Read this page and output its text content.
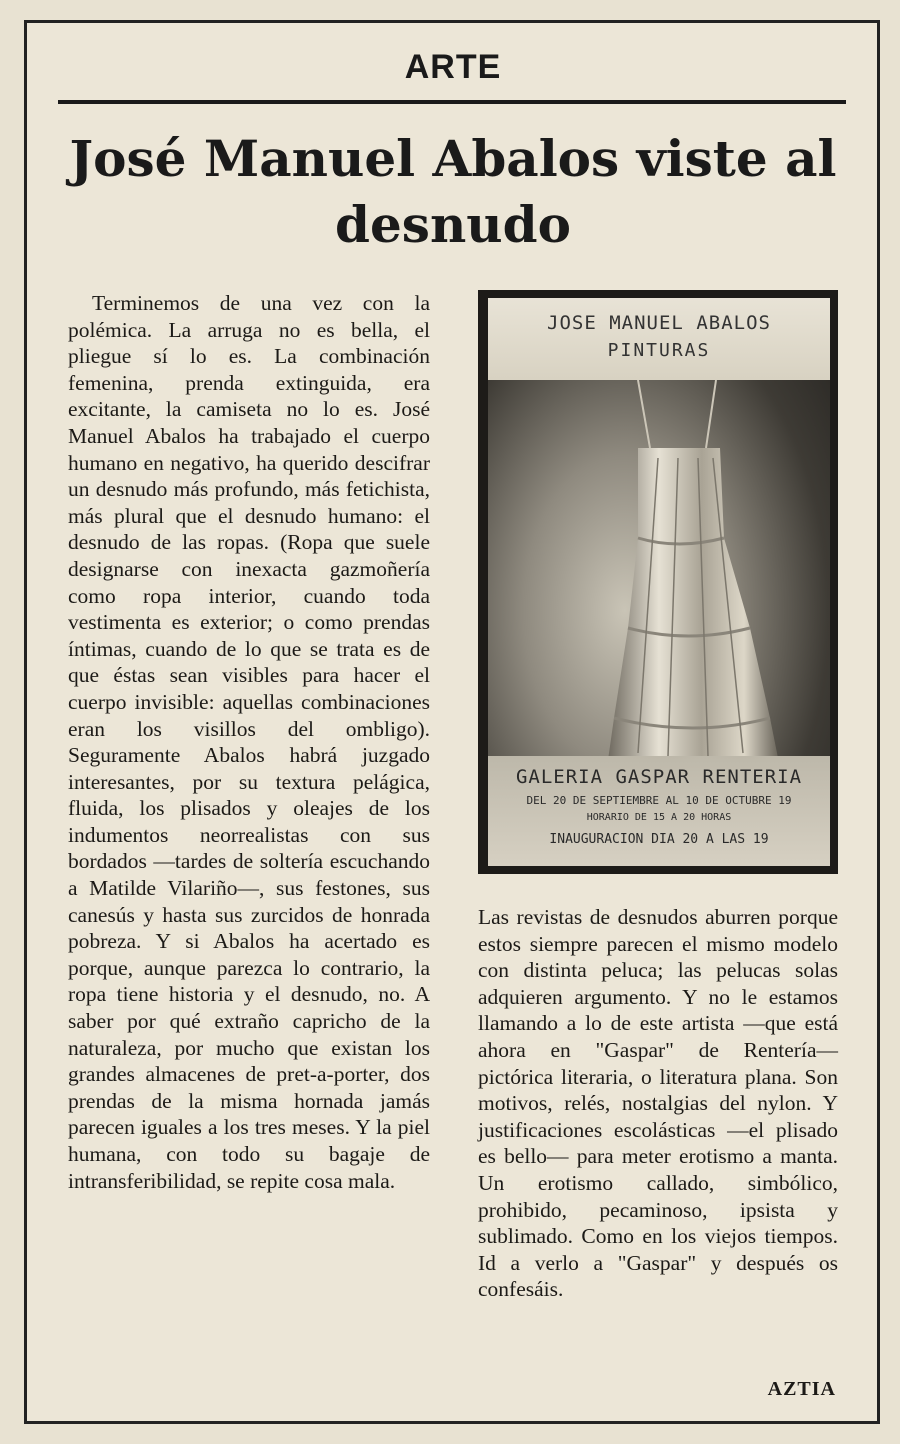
ARTE
José Manuel Abalos viste al desnudo

Terminemos de una vez con la polémica. La arruga no es bella, el pliegue sí lo es. La combinación femenina, prenda extinguida, era excitante, la camiseta no lo es. José Manuel Abalos ha trabajado el cuerpo humano en negativo, ha querido descifrar un desnudo más profundo, más fetichista, más plural que el desnudo humano: el desnudo de las ropas. (Ropa que suele designarse con inexacta gazmoñería como ropa interior, cuando toda vestimenta es exterior; o como prendas íntimas, cuando de lo que se trata es de que éstas sean visibles para hacer el cuerpo invisible: aquellas combinaciones eran los visillos del ombligo). Seguramente Abalos habrá juzgado interesantes, por su textura pelágica, fluida, los plisados y oleajes de los indumentos neorrealistas con sus bordados —tardes de soltería escuchando a Matilde Vilariño—, sus festones, sus canesús y hasta sus zurcidos de honrada pobreza. Y si Abalos ha acertado es porque, aunque parezca lo contrario, la ropa tiene historia y el desnudo, no. A saber por qué extraño capricho de la naturaleza, por mucho que existan los grandes almacenes de pret-a-porter, dos prendas de la misma hornada jamás parecen iguales a los tres meses. Y la piel humana, con todo su bagaje de intransferibilidad, se repite cosa mala.

JOSE MANUEL ABALOS
PINTURAS
GALERIA GASPAR RENTERIA
DEL 20 DE SEPTIEMBRE AL 10 DE OCTUBRE 19
HORARIO DE 15 A 20 HORAS
INAUGURACION DIA 20 A LAS 19

Las revistas de desnudos aburren porque estos siempre parecen el mismo modelo con distinta peluca; las pelucas solas adquieren argumento. Y no le estamos llamando a lo de este artista —que está ahora en "Gaspar" de Rentería— pictórica literaria, o literatura plana. Son motivos, relés, nostalgias del nylon. Y justificaciones escolásticas —el plisado es bello— para meter erotismo a manta. Un erotismo callado, simbólico, prohibido, pecaminoso, ipsista y sublimado. Como en los viejos tiempos. Id a verlo a "Gaspar" y después os confesáis.

AZTIA
